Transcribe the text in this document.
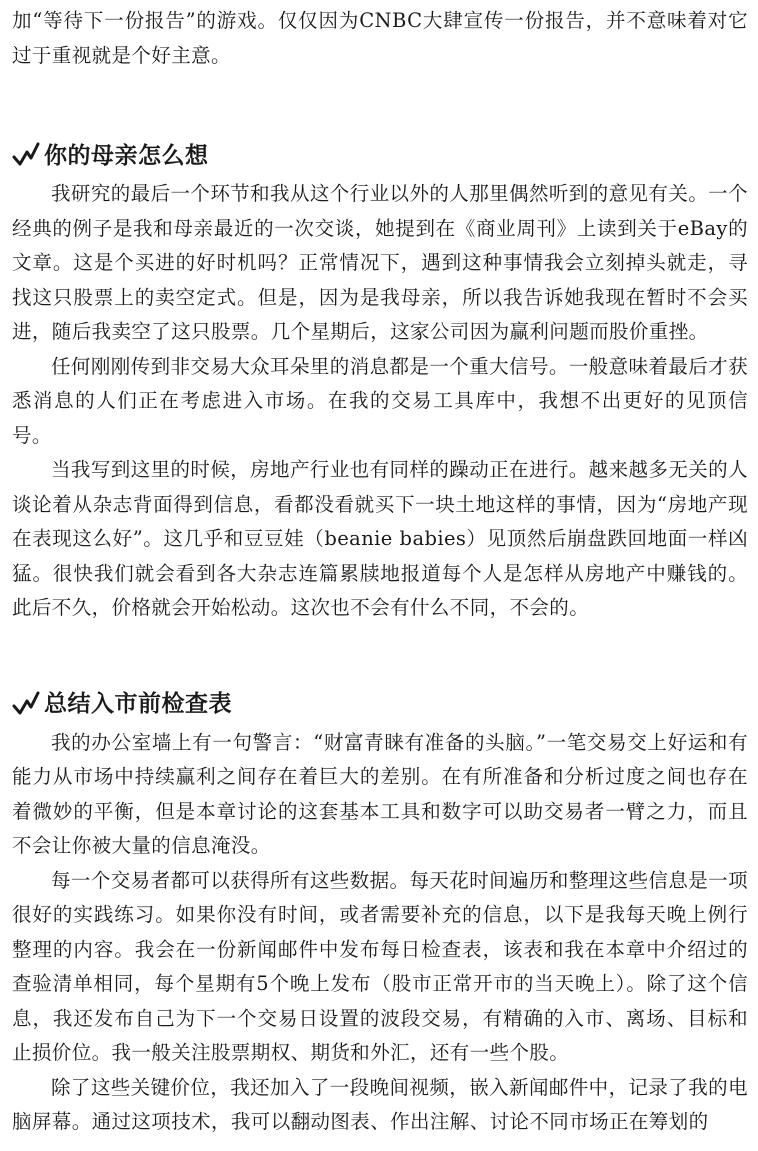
加“等待下一份报告”的游戏。仅仅因为CNBC大肆宣传一份报告，并不意味着对它过于重视就是个好主意。

你的母亲怎么想

我研究的最后一个环节和我从这个行业以外的人那里偶然听到的意见有关。一个经典的例子是我和母亲最近的一次交谈，她提到在《商业周刊》上读到关于eBay的文章。这是个买进的好时机吗？正常情况下，遇到这种事情我会立刻掉头就走，寻找这只股票上的卖空定式。但是，因为是我母亲，所以我告诉她我现在暂时不会买进，随后我卖空了这只股票。几个星期后，这家公司因为赢利问题而股价重挫。

任何刚刚传到非交易大众耳朵里的消息都是一个重大信号。一般意味着最后才获悉消息的人们正在考虑进入市场。在我的交易工具库中，我想不出更好的见顶信号。

当我写到这里的时候，房地产行业也有同样的躁动正在进行。越来越多无关的人谈论着从杂志背面得到信息，看都没看就买下一块土地这样的事情，因为“房地产现在表现这么好”。这几乎和豆豆娃（beanie babies）见顶然后崩盘跌回地面一样凶猛。很快我们就会看到各大杂志连篇累牍地报道每个人是怎样从房地产中赚钱的。此后不久，价格就会开始松动。这次也不会有什么不同，不会的。

总结入市前检查表

我的办公室墙上有一句警言：“财富青睐有准备的头脑。”一笔交易交上好运和有能力从市场中持续赢利之间存在着巨大的差别。在有所准备和分析过度之间也存在着微妙的平衡，但是本章讨论的这套基本工具和数字可以助交易者一臂之力，而且不会让你被大量的信息淹没。

每一个交易者都可以获得所有这些数据。每天花时间遍历和整理这些信息是一项很好的实践练习。如果你没有时间，或者需要补充的信息，以下是我每天晚上例行整理的内容。我会在一份新闻邮件中发布每日检查表，该表和我在本章中介绍过的查验清单相同，每个星期有5个晚上发布（股市正常开市的当天晚上）。除了这个信息，我还发布自己为下一个交易日设置的波段交易，有精确的入市、离场、目标和止损价位。我一般关注股票期权、期货和外汇，还有一些个股。

除了这些关键价位，我还加入了一段晚间视频，嵌入新闻邮件中，记录了我的电脑屏幕。通过这项技术，我可以翻动图表、作出注解、讨论不同市场正在筹划的
